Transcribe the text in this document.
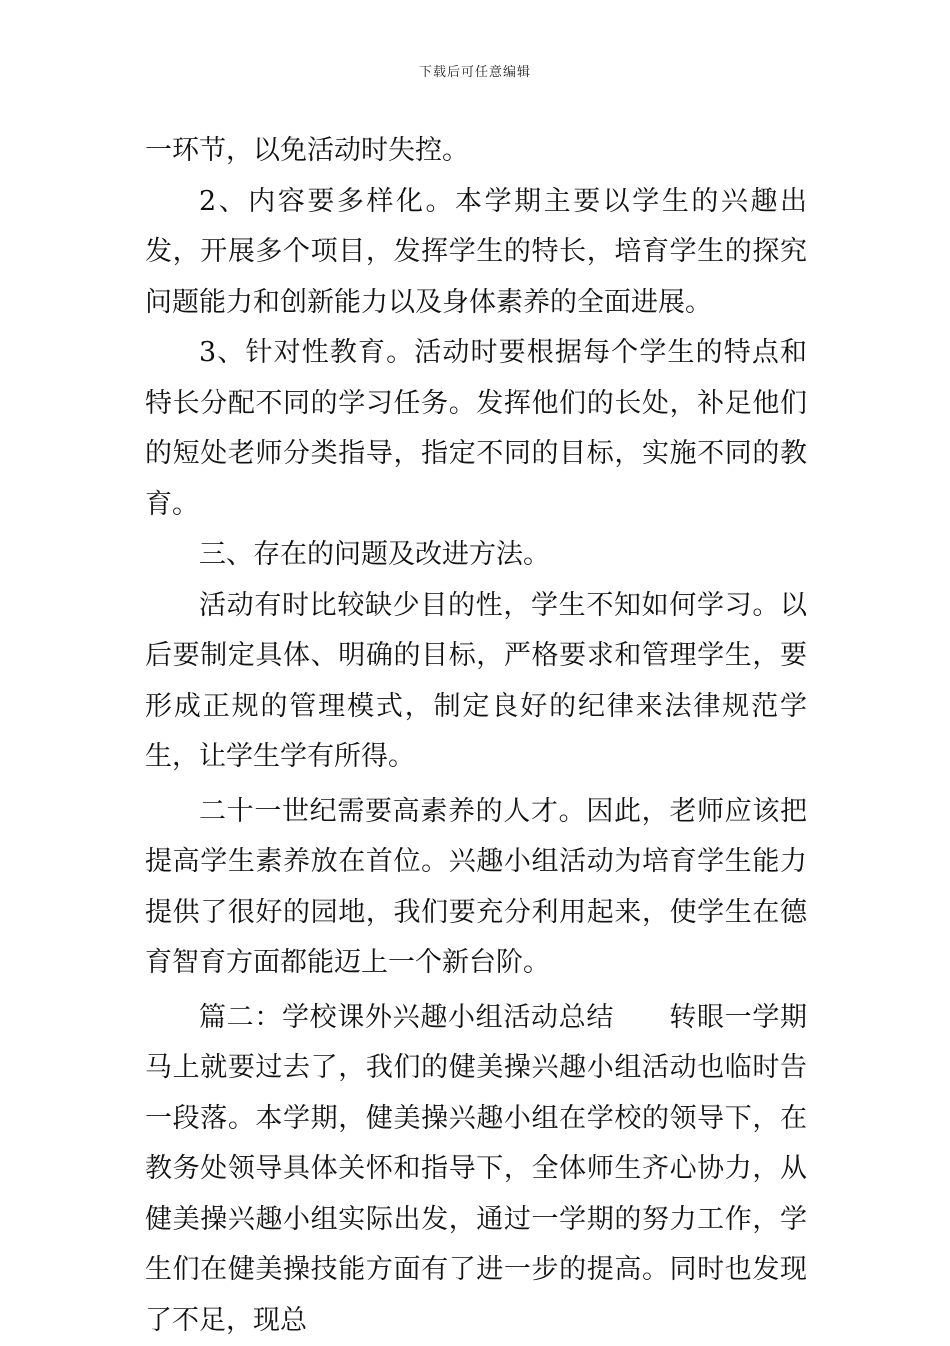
下载后可任意编辑

一环节，以免活动时失控。

2、内容要多样化。本学期主要以学生的兴趣出发，开展多个项目，发挥学生的特长，培育学生的探究问题能力和创新能力以及身体素养的全面进展。

3、针对性教育。活动时要根据每个学生的特点和特长分配不同的学习任务。发挥他们的长处，补足他们的短处老师分类指导，指定不同的目标，实施不同的教育。

三、存在的问题及改进方法。

活动有时比较缺少目的性，学生不知如何学习。以后要制定具体、明确的目标，严格要求和管理学生，要形成正规的管理模式，制定良好的纪律来法律规范学生，让学生学有所得。

二十一世纪需要高素养的人才。因此，老师应该把提高学生素养放在首位。兴趣小组活动为培育学生能力提供了很好的园地，我们要充分利用起来，使学生在德育智育方面都能迈上一个新台阶。

篇二：学校课外兴趣小组活动总结　　转眼一学期马上就要过去了，我们的健美操兴趣小组活动也临时告一段落。本学期，健美操兴趣小组在学校的领导下，在教务处领导具体关怀和指导下，全体师生齐心协力，从健美操兴趣小组实际出发，通过一学期的努力工作，学生们在健美操技能方面有了进一步的提高。同时也发现了不足，现总
